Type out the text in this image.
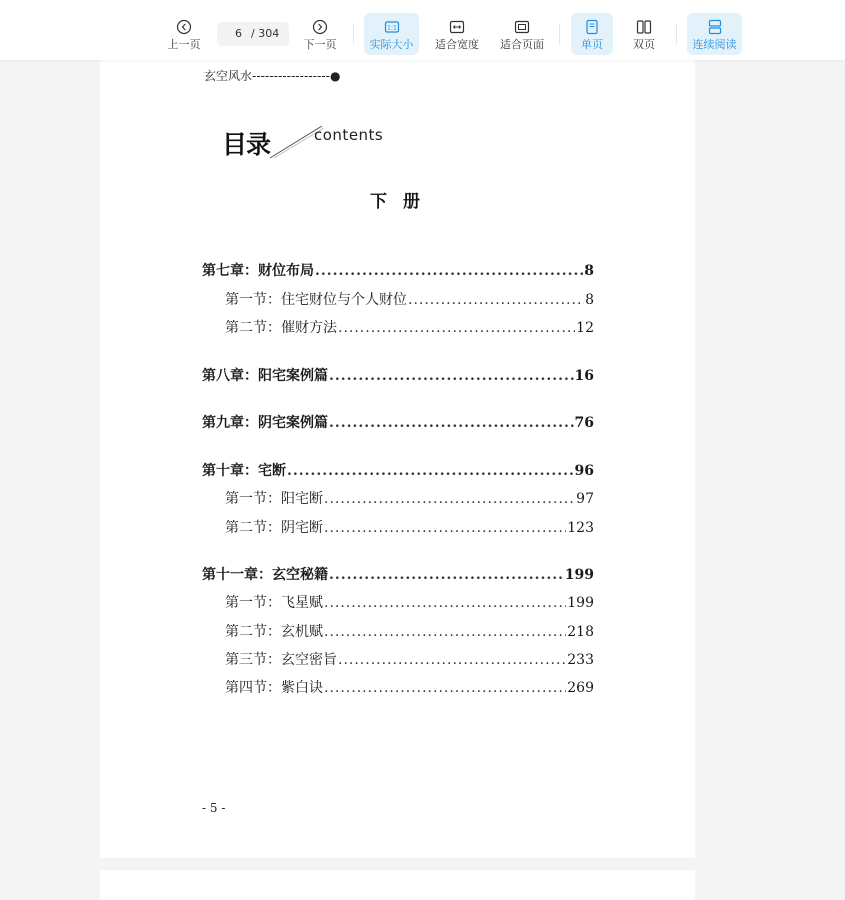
上一页
6 / 304
下一页
1:1
实际大小	适合宽度	适合页面	单页	双页	连续阅读
玄空风水------------------●
目录	contents
下册
第七章：财位布局 .....	8
第一节：住宅财位与个人财位 .....	8
第二节：催财方法 .....	12
第八章：阳宅案例篇 .....	16
第九章：阴宅案例篇 .....	76
第十章：宅断 .....	96
第一节：阳宅断 .....	97
第二节：阴宅断 .....	123
第十一章：玄空秘籍 .....	199
第一节：飞星赋 .....	199
第二节：玄机赋 .....	218
第三节：玄空密旨 .....	233
第四节：紫白诀 .....	269
- 5 -
